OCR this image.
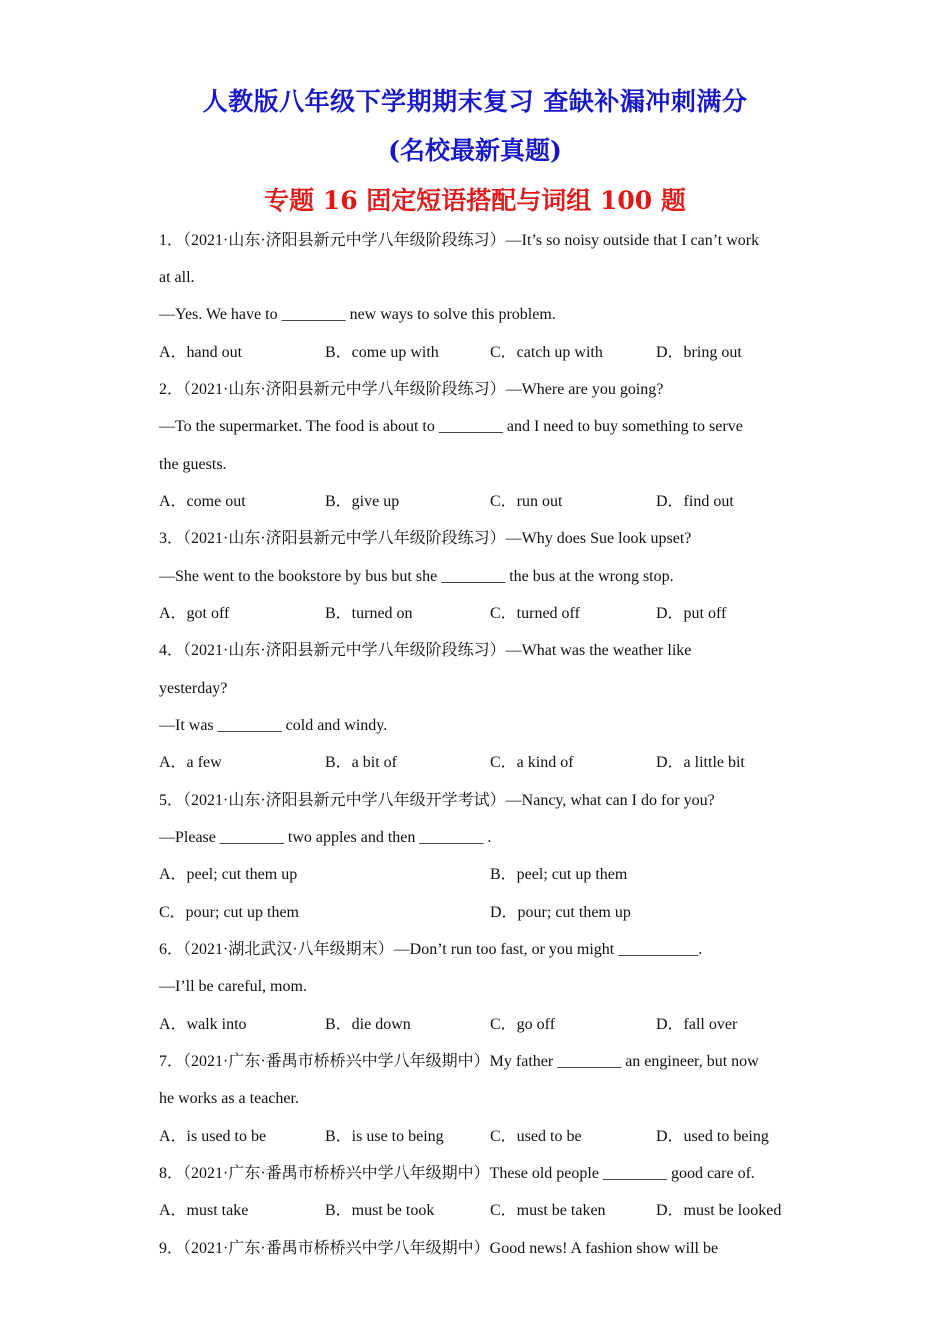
人教版八年级下学期期末复习 查缺补漏冲刺满分
(名校最新真题)
专题 16 固定短语搭配与词组 100 题
1．（2021·山东·济阳县新元中学八年级阶段练习）—It’s so noisy outside that I can’t work
at all.
—Yes. We have to ________ new ways to solve this problem.
A．hand out	B．come up with	C．catch up with	D．bring out
2．（2021·山东·济阳县新元中学八年级阶段练习）—Where are you going?
—To the supermarket. The food is about to ________ and I need to buy something to serve
the guests.
A．come out	B．give up	C．run out	D．find out
3．（2021·山东·济阳县新元中学八年级阶段练习）—Why does Sue look upset?
—She went to the bookstore by bus but she ________ the bus at the wrong stop.
A．got off	B．turned on	C．turned off	D．put off
4．（2021·山东·济阳县新元中学八年级阶段练习）—What was the weather like
yesterday?
—It was ________ cold and windy.
A．a few	B．a bit of	C．a kind of	D．a little bit
5．（2021·山东·济阳县新元中学八年级开学考试）—Nancy, what can I do for you?
—Please ________ two apples and then ________ .
A．peel; cut them up	B．peel; cut up them
C．pour; cut up them	D．pour; cut them up
6．（2021·湖北武汉·八年级期末）—Don’t run too fast, or you might __________.
—I’ll be careful, mom.
A．walk into	B．die down	C．go off	D．fall over
7．（2021·广东·番禺市桥桥兴中学八年级期中）My father ________ an engineer, but now
he works as a teacher.
A．is used to be	B．is use to being	C．used to be	D．used to being
8．（2021·广东·番禺市桥桥兴中学八年级期中）These old people ________ good care of.
A．must take	B．must be took	C．must be taken	D．must be looked
9．（2021·广东·番禺市桥桥兴中学八年级期中）Good news! A fashion show will be
